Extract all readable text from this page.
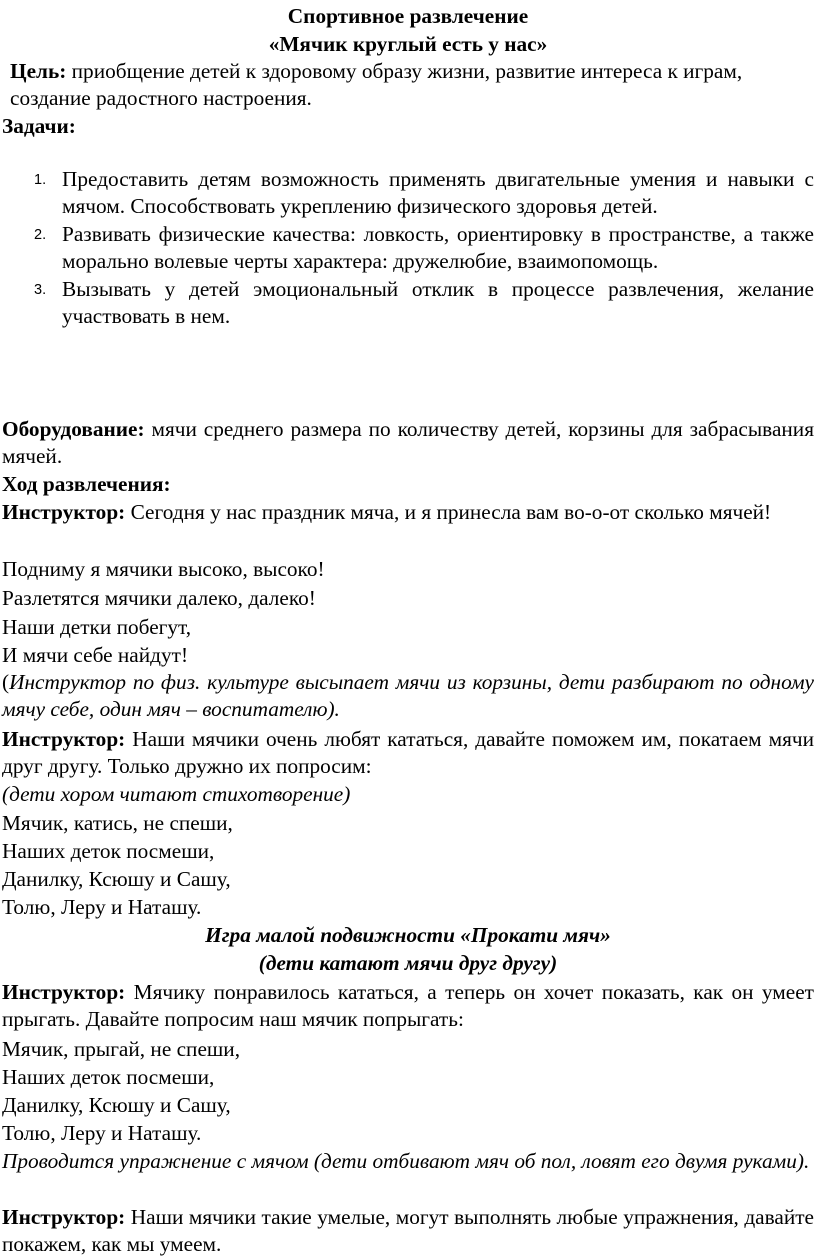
Спортивное развлечение
«Мячик круглый есть у нас»

Цель: приобщение детей к здоровому образу жизни, развитие интереса к играм, создание радостного настроения.

Задачи:
1. Предоставить детям возможность применять двигательные умения и навыки с мячом. Способствовать укреплению физического здоровья детей.
2. Развивать физические качества: ловкость, ориентировку в пространстве, а также морально волевые черты характера: дружелюбие, взаимопомощь.
3. Вызывать у детей эмоциональный отклик в процессе развлечения, желание участвовать в нем.

Оборудование: мячи среднего размера по количеству детей, корзины для забрасывания мячей.

Ход развлечения:

Инструктор: Сегодня у нас праздник мяча, и я принесла вам во-о-от сколько мячей!

Подниму я мячики высоко, высоко!
Разлетятся мячики далеко, далеко!
Наши детки побегут,
И мячи себе найдут!

(Инструктор по физ. культуре высыпает мячи из корзины, дети разбирают по одному мячу себе, один мяч – воспитателю).

Инструктор: Наши мячики очень любят кататься, давайте поможем им, покатаем мячи друг другу. Только дружно их попросим:

(дети хором читают стихотворение)
Мячик, катись, не спеши,
Наших деток посмеши,
Данилку, Ксюшу и Сашу,
Толю, Леру и Наташу.
Игра малой подвижности «Прокати мяч»
(дети катают мячи друг другу)

Инструктор: Мячику понравилось кататься, а теперь он хочет показать, как он умеет прыгать. Давайте попросим наш мячик попрыгать:

Мячик, прыгай, не спеши,
Наших деток посмеши,
Данилку, Ксюшу и Сашу,
Толю, Леру и Наташу.

Проводится упражнение с мячом (дети отбивают мяч об пол, ловят его двумя руками).

Инструктор: Наши мячики такие умелые, могут выполнять любые упражнения, давайте покажем, как мы умеем.
